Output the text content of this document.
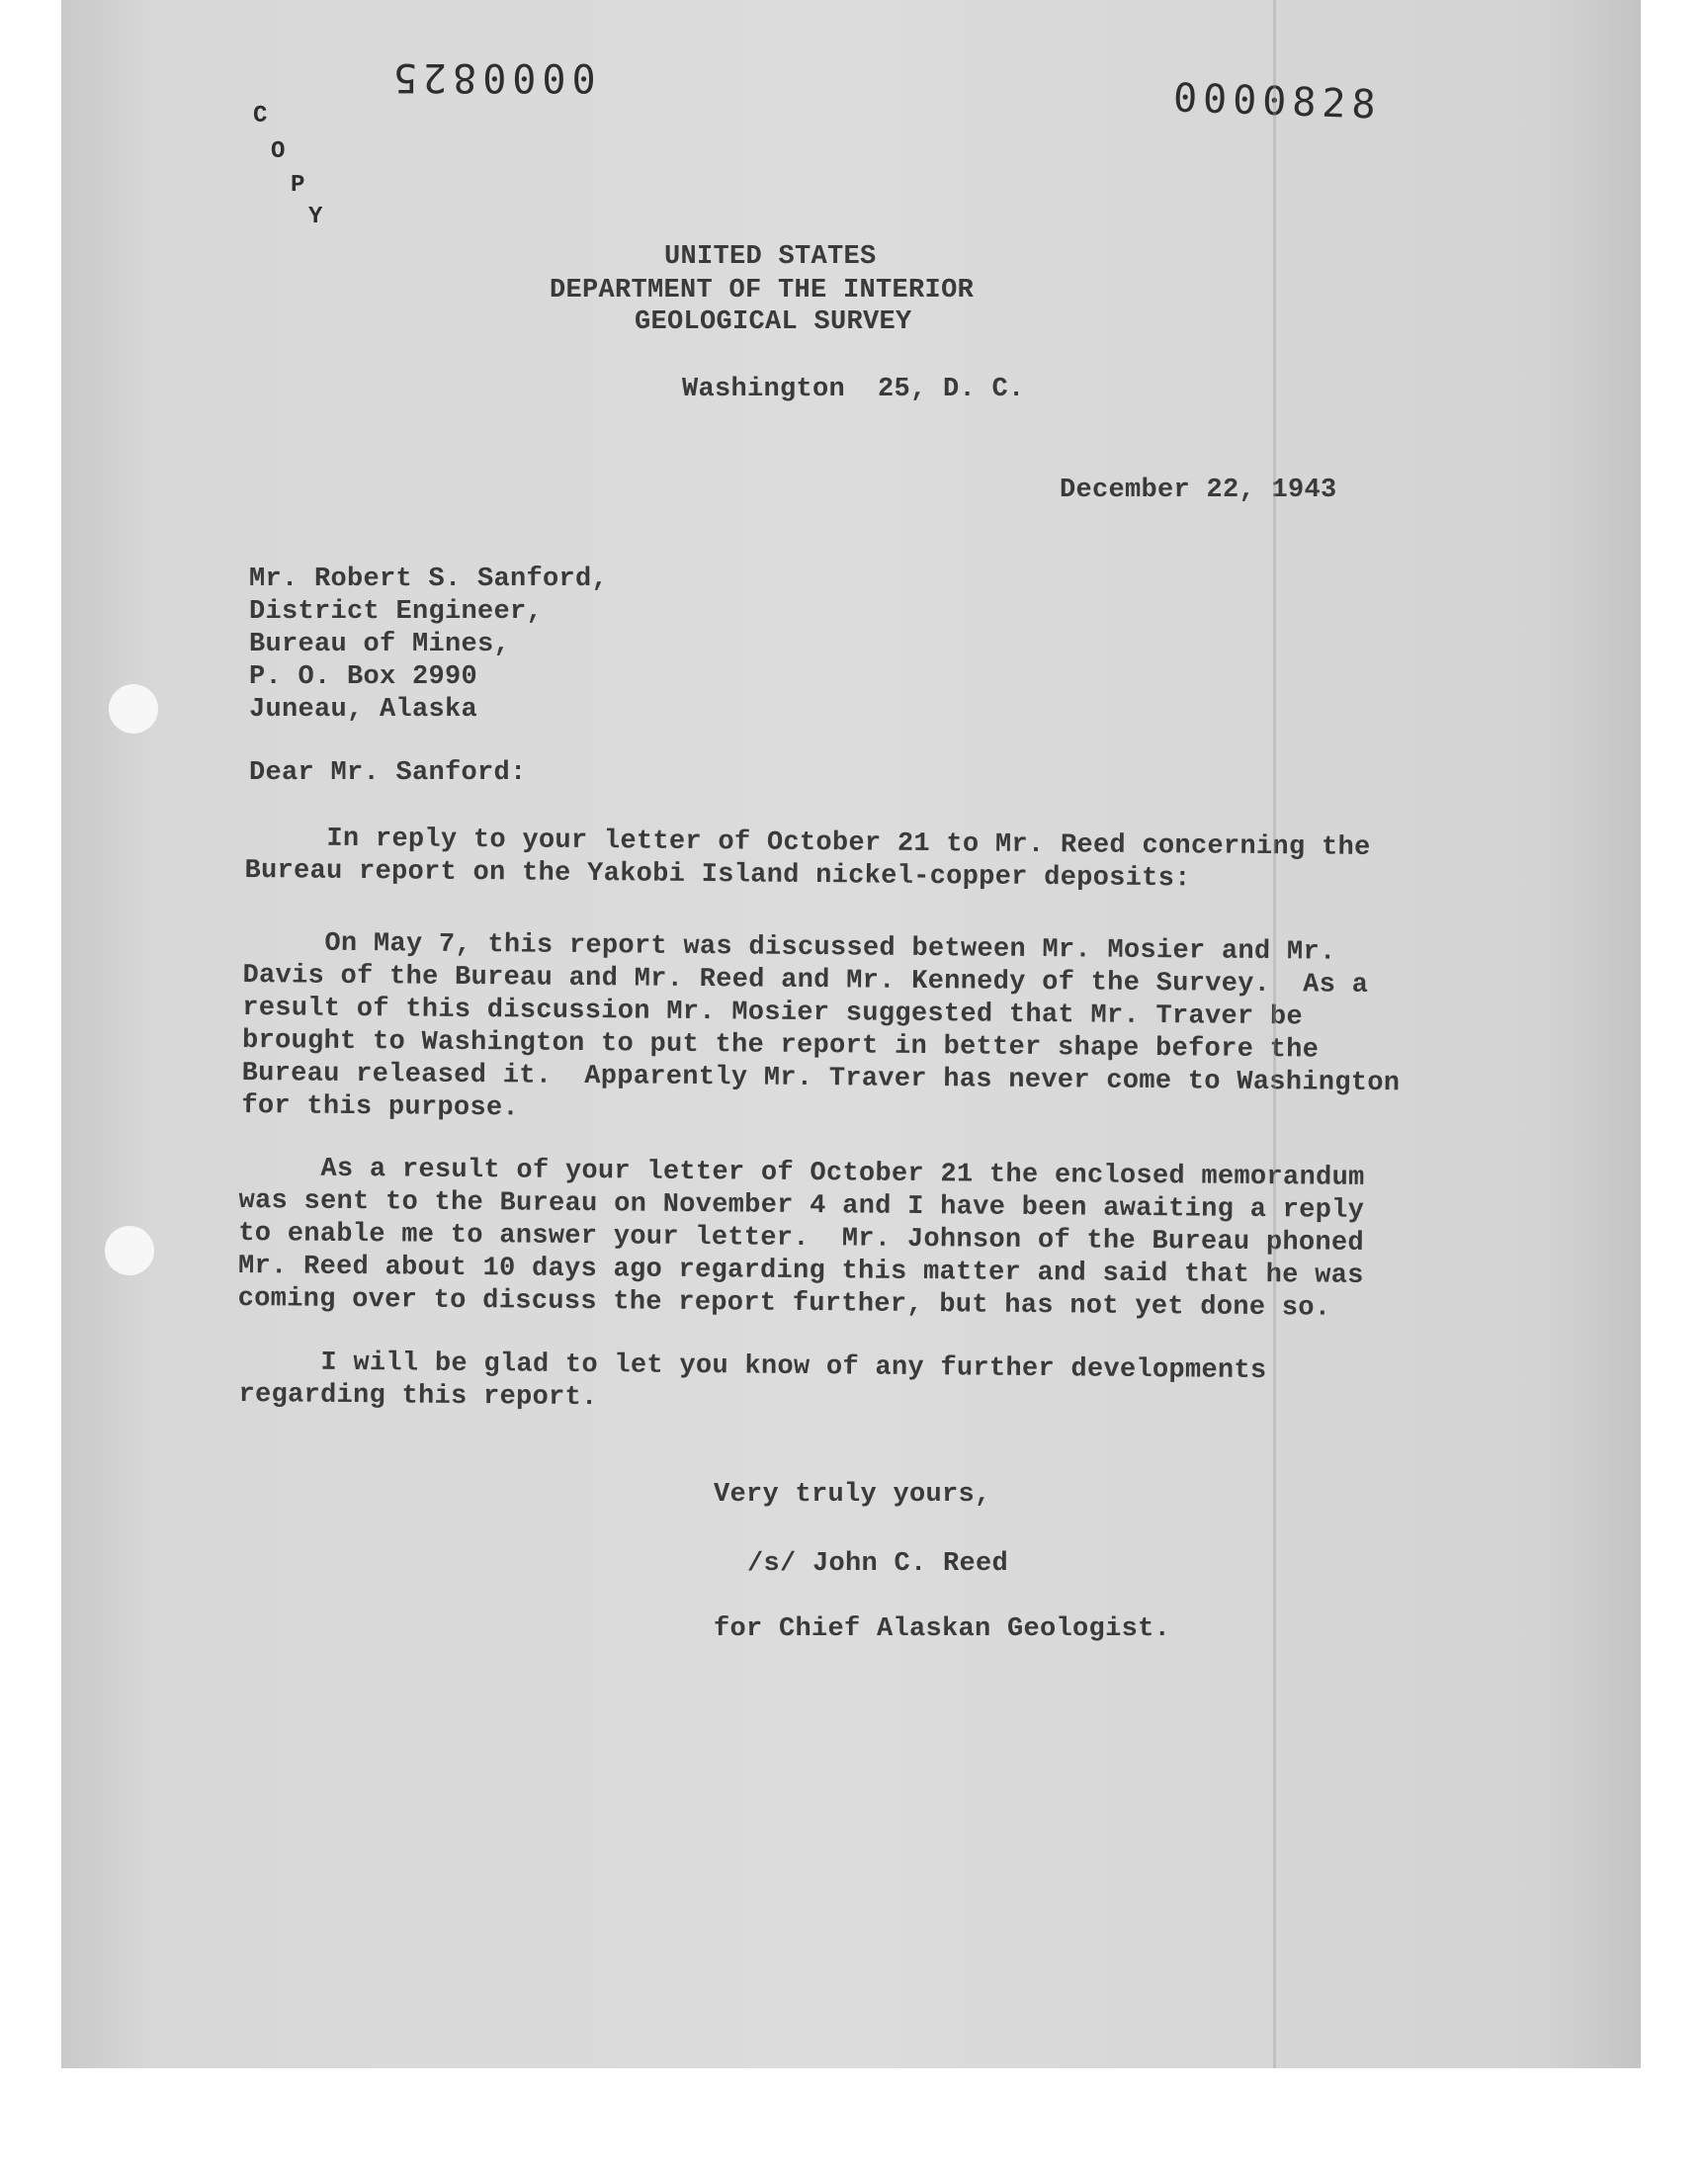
0000825	0000828
C
O
P
Y

UNITED STATES

DEPARTMENT OF THE INTERIOR

GEOLOGICAL SURVEY

Washington  25, D. C.

December 22, 1943

Mr. Robert S. Sanford,

District Engineer,

Bureau of Mines,

P. O. Box 2990

Juneau, Alaska

Dear Mr. Sanford:

In reply to your letter of October 21 to Mr. Reed concerning the

Bureau report on the Yakobi Island nickel-copper deposits:

On May 7, this report was discussed between Mr. Mosier and Mr.

Davis of the Bureau and Mr. Reed and Mr. Kennedy of the Survey.  As a

result of this discussion Mr. Mosier suggested that Mr. Traver be

brought to Washington to put the report in better shape before the

Bureau released it.  Apparently Mr. Traver has never come to Washington

for this purpose.

As a result of your letter of October 21 the enclosed memorandum

was sent to the Bureau on November 4 and I have been awaiting a reply

to enable me to answer your letter.  Mr. Johnson of the Bureau phoned

Mr. Reed about 10 days ago regarding this matter and said that he was

coming over to discuss the report further, but has not yet done so.

I will be glad to let you know of any further developments

regarding this report.

Very truly yours,

/s/ John C. Reed

for Chief Alaskan Geologist.
